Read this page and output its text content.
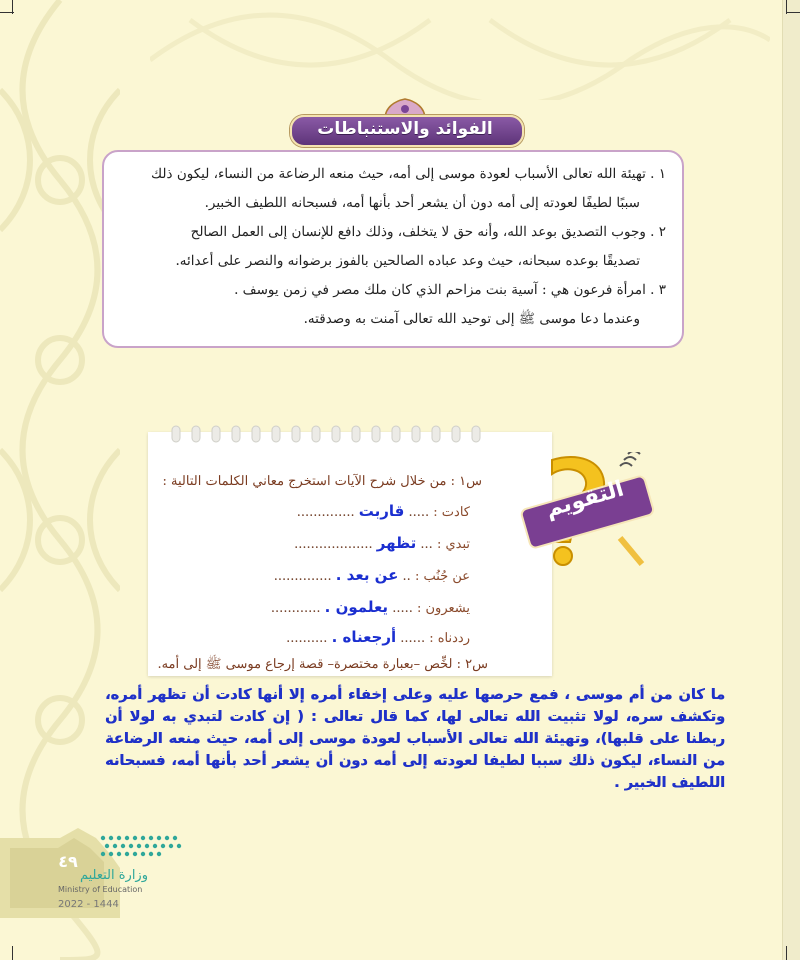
الفوائد والاستنباطات

١ . تهيئة الله تعالى الأسباب لعودة موسى إلى أمه، حيث منعه الرضاعة من النساء، ليكون ذلك

سببًا لطيفًا لعودته إلى أمه دون أن يشعر أحد بأنها أمه، فسبحانه اللطيف الخبير.

٢ . وجوب التصديق بوعد الله، وأنه حق لا يتخلف، وذلك دافع للإنسان إلى العمل الصالح

تصديقًا بوعده سبحانه، حيث وعد عباده الصالحين بالفوز برضوانه والنصر على أعدائه.

٣ . امرأة فرعون هي : آسية بنت مزاحم الذي كان ملك مصر في زمن يوسف .

وعندما دعا موسى ﷺ إلى توحيد الله تعالى آمنت به وصدقته.

التقويم
س١ : من خلال شرح الآيات استخرج معاني الكلمات التالية :
كادت : ..... قاربت ..............
تبدي : ... تظهر ...................
عن جُنُب : .. عن بعد . ..............
يشعرون : ..... يعلمون . ............
رددناه : ...... أرجعناه . ..........
س٢ : لخِّص –بعبارة مختصرة– قصة إرجاع موسى ﷺ إلى أمه.
ما كان من أم موسى ، فمع حرصها عليه وعلى إخفاء أمره إلا أنها كادت أن تظهر أمره، وتكشف سره، لولا تثبيت الله تعالى لها، كما قال تعالى : ( إن كادت لتبدي به لولا أن ربطنا على قلبها)، وتهيئة الله تعالى الأسباب لعودة موسى إلى أمه، حيث منعه الرضاعة من النساء، ليكون ذلك سببا لطيفا لعودته إلى أمه دون أن يشعر أحد بأنها أمه، فسبحانه اللطيف الخبير .
٤٩
وزارة التعليم
Ministry of Education
2022 - 1444
